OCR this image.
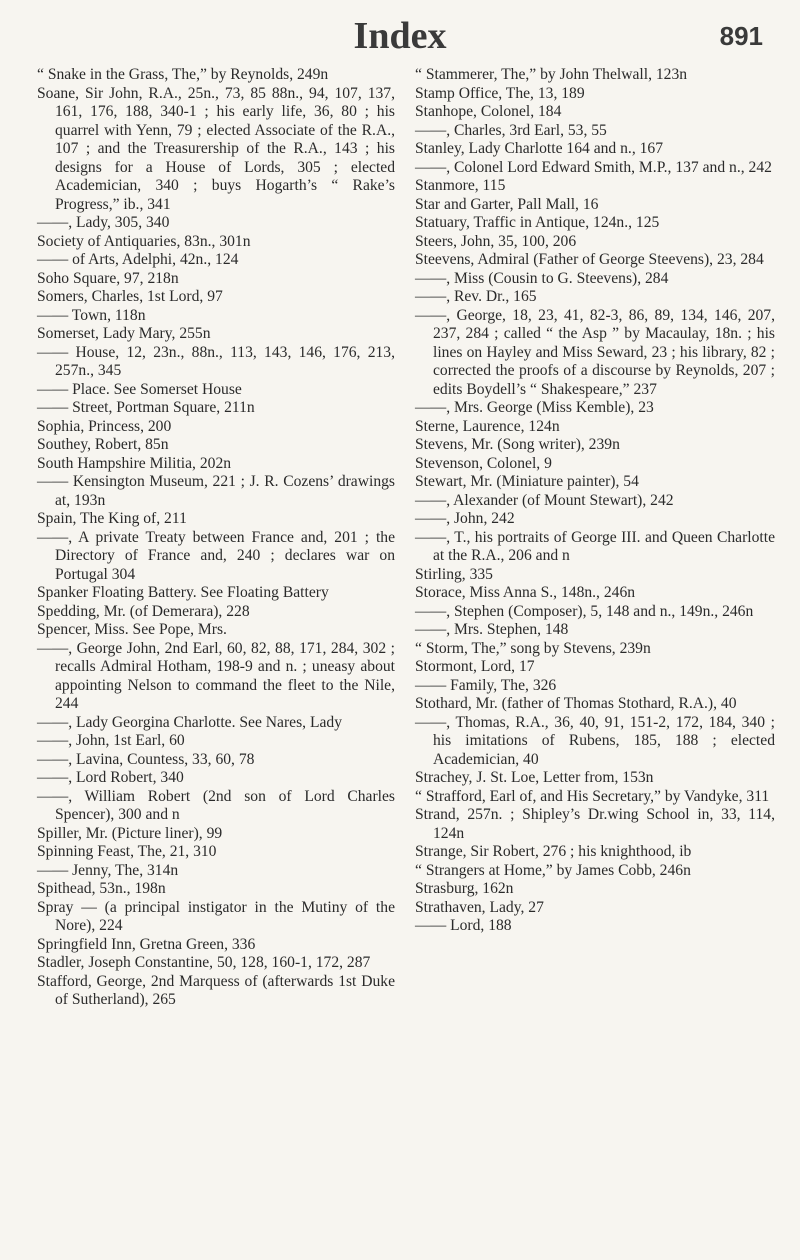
Index	891

“ Snake in the Grass, The,” by Reynolds, 249n

Soane, Sir John, R.A., 25n., 73, 85 88n., 94, 107, 137, 161, 176, 188, 340-1 ; his early life, 36, 80 ; his quarrel with Yenn, 79 ; elected Associate of the R.A., 107 ; and the Treasurership of the R.A., 143 ; his designs for a House of Lords, 305 ; elected Academician, 340 ; buys Hogarth’s “ Rake’s Progress,” ib., 341

——, Lady, 305, 340

Society of Antiquaries, 83n., 301n

—— of Arts, Adelphi, 42n., 124

Soho Square, 97, 218n

Somers, Charles, 1st Lord, 97

—— Town, 118n

Somerset, Lady Mary, 255n

—— House, 12, 23n., 88n., 113, 143, 146, 176, 213, 257n., 345

—— Place. See Somerset House

—— Street, Portman Square, 211n

Sophia, Princess, 200

Southey, Robert, 85n

South Hampshire Militia, 202n

—— Kensington Museum, 221 ; J. R. Cozens’ drawings at, 193n

Spain, The King of, 211

——, A private Treaty between France and, 201 ; the Directory of France and, 240 ; declares war on Portugal 304

Spanker Floating Battery. See Floating Battery

Spedding, Mr. (of Demerara), 228

Spencer, Miss. See Pope, Mrs.

——, George John, 2nd Earl, 60, 82, 88, 171, 284, 302 ; recalls Admiral Hotham, 198-9 and n. ; uneasy about appointing Nelson to command the fleet to the Nile, 244

——, Lady Georgina Charlotte. See Nares, Lady

——, John, 1st Earl, 60

——, Lavina, Countess, 33, 60, 78

——, Lord Robert, 340

——, William Robert (2nd son of Lord Charles Spencer), 300 and n

Spiller, Mr. (Picture liner), 99

Spinning Feast, The, 21, 310

—— Jenny, The, 314n

Spithead, 53n., 198n

Spray — (a principal instigator in the Mutiny of the Nore), 224

Springfield Inn, Gretna Green, 336

Stadler, Joseph Constantine, 50, 128, 160-1, 172, 287

Stafford, George, 2nd Marquess of (afterwards 1st Duke of Sutherland), 265

“ Stammerer, The,” by John Thelwall, 123n

Stamp Office, The, 13, 189

Stanhope, Colonel, 184

——, Charles, 3rd Earl, 53, 55

Stanley, Lady Charlotte 164 and n., 167

——, Colonel Lord Edward Smith, M.P., 137 and n., 242

Stanmore, 115

Star and Garter, Pall Mall, 16

Statuary, Traffic in Antique, 124n., 125

Steers, John, 35, 100, 206

Steevens, Admiral (Father of George Steevens), 23, 284

——, Miss (Cousin to G. Steevens), 284

——, Rev. Dr., 165

——, George, 18, 23, 41, 82-3, 86, 89, 134, 146, 207, 237, 284 ; called “ the Asp ” by Macaulay, 18n. ; his lines on Hayley and Miss Seward, 23 ; his library, 82 ; corrected the proofs of a discourse by Reynolds, 207 ; edits Boydell’s “ Shakespeare,” 237

——, Mrs. George (Miss Kemble), 23

Sterne, Laurence, 124n

Stevens, Mr. (Song writer), 239n

Stevenson, Colonel, 9

Stewart, Mr. (Miniature painter), 54

——, Alexander (of Mount Stewart), 242

——, John, 242

——, T., his portraits of George III. and Queen Charlotte at the R.A., 206 and n

Stirling, 335

Storace, Miss Anna S., 148n., 246n

——, Stephen (Composer), 5, 148 and n., 149n., 246n

——, Mrs. Stephen, 148

“ Storm, The,” song by Stevens, 239n

Stormont, Lord, 17

—— Family, The, 326

Stothard, Mr. (father of Thomas Stothard, R.A.), 40

——, Thomas, R.A., 36, 40, 91, 151-2, 172, 184, 340 ; his imitations of Rubens, 185, 188 ; elected Academician, 40

Strachey, J. St. Loe, Letter from, 153n

“ Strafford, Earl of, and His Secretary,” by Vandyke, 311

Strand, 257n. ; Shipley’s Dr.wing School in, 33, 114, 124n

Strange, Sir Robert, 276 ; his knighthood, ib

“ Strangers at Home,” by James Cobb, 246n

Strasburg, 162n

Strathaven, Lady, 27

—— Lord, 188
